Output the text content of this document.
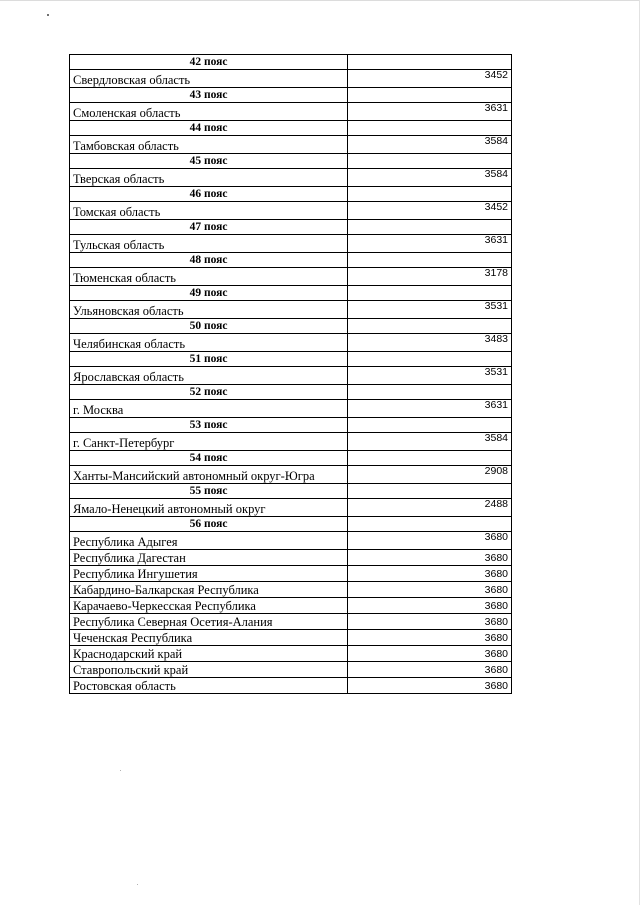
42 пояс	

Свердловская область	3452

43 пояс	

Смоленская область	3631

44 пояс	

Тамбовская область	3584

45 пояс	

Тверская область	3584

46 пояс	

Томская область	3452

47 пояс	

Тульская область	3631

48 пояс	

Тюменская область	3178

49 пояс	

Ульяновская область	3531

50 пояс	

Челябинская область	3483

51 пояс	

Ярославская область	3531

52 пояс	

г. Москва	3631

53 пояс	

г. Санкт-Петербург	3584

54 пояс	

Ханты-Мансийский автономный округ-Югра	2908

55 пояс	

Ямало-Ненецкий автономный округ	2488

56 пояс	

Республика Адыгея	3680

Республика Дагестан	3680

Республика Ингушетия	3680

Кабардино-Балкарская Республика	3680

Карачаево-Черкесская Республика	3680

Республика Северная Осетия-Алания	3680

Чеченская Республика	3680

Краснодарский край	3680

Ставропольский край	3680

Ростовская область	3680
